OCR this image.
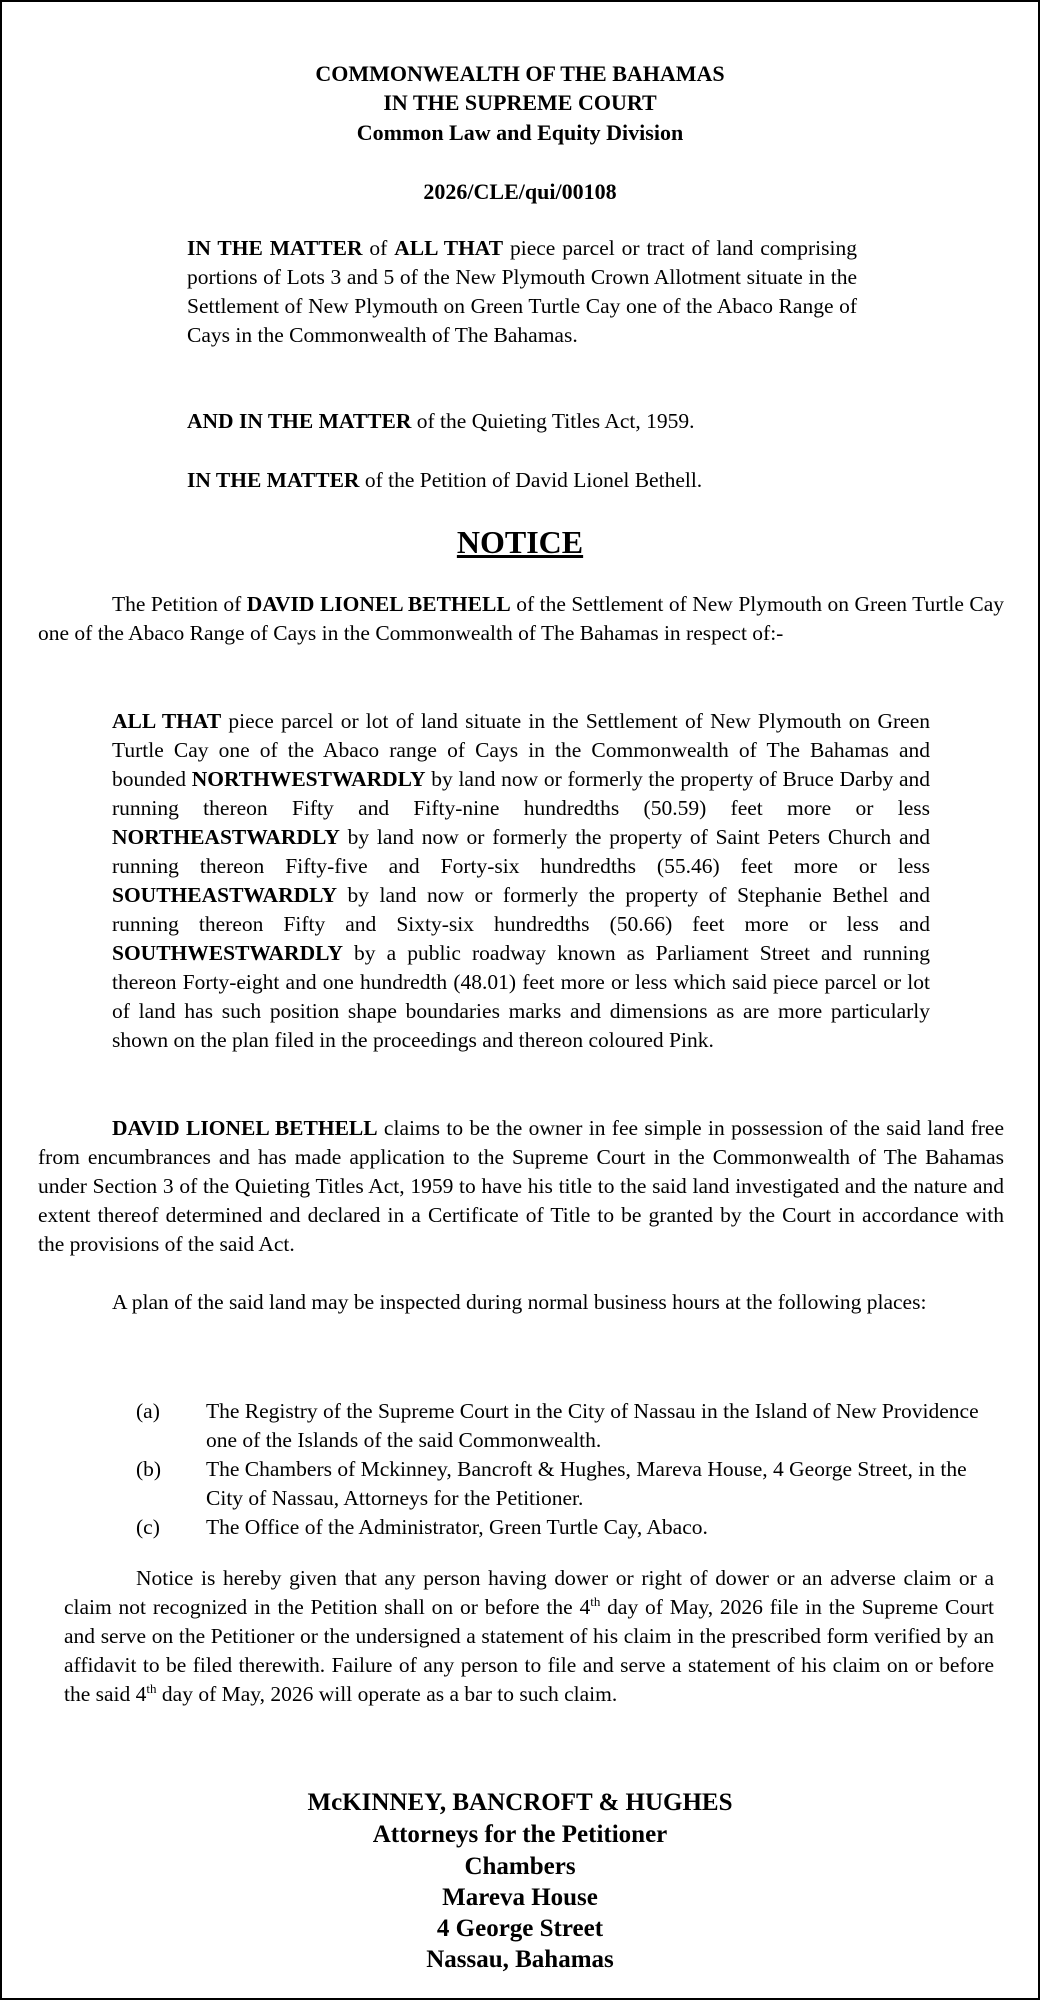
COMMONWEALTH OF THE BAHAMAS
IN THE SUPREME COURT
Common Law and Equity Division
2026/CLE/qui/00108
IN THE MATTER of ALL THAT piece parcel or tract of land comprising portions of Lots 3 and 5 of the New Plymouth Crown Allotment situate in the Settlement of New Plymouth on Green Turtle Cay one of the Abaco Range of Cays in the Commonwealth of The Bahamas.
AND IN THE MATTER of the Quieting Titles Act, 1959.
IN THE MATTER of the Petition of David Lionel Bethell.
NOTICE
The Petition of DAVID LIONEL BETHELL of the Settlement of New Plymouth on Green Turtle Cay one of the Abaco Range of Cays in the Commonwealth of The Bahamas in respect of:-
ALL THAT piece parcel or lot of land situate in the Settlement of New Plymouth on Green Turtle Cay one of the Abaco range of Cays in the Commonwealth of The Bahamas and bounded NORTHWESTWARDLY by land now or formerly the property of Bruce Darby and running thereon Fifty and Fifty-nine hundredths (50.59) feet more or less NORTHEASTWARDLY by land now or formerly the property of Saint Peters Church and running thereon Fifty-five and Forty-six hundredths (55.46) feet more or less SOUTHEASTWARDLY by land now or formerly the property of Stephanie Bethel and running thereon Fifty and Sixty-six hundredths (50.66) feet more or less and SOUTHWESTWARDLY by a public roadway known as Parliament Street and running thereon Forty-eight and one hundredth (48.01) feet more or less which said piece parcel or lot of land has such position shape boundaries marks and dimensions as are more particularly shown on the plan filed in the proceedings and thereon coloured Pink.
DAVID LIONEL BETHELL claims to be the owner in fee simple in possession of the said land free from encumbrances and has made application to the Supreme Court in the Commonwealth of The Bahamas under Section 3 of the Quieting Titles Act, 1959 to have his title to the said land investigated and the nature and extent thereof determined and declared in a Certificate of Title to be granted by the Court in accordance with the provisions of the said Act.
A plan of the said land may be inspected during normal business hours at the following places:
(a) The Registry of the Supreme Court in the City of Nassau in the Island of New Providence one of the Islands of the said Commonwealth.
(b) The Chambers of Mckinney, Bancroft & Hughes, Mareva House, 4 George Street, in the City of Nassau, Attorneys for the Petitioner.
(c) The Office of the Administrator, Green Turtle Cay, Abaco.
Notice is hereby given that any person having dower or right of dower or an adverse claim or a claim not recognized in the Petition shall on or before the 4th day of May, 2026 file in the Supreme Court and serve on the Petitioner or the undersigned a statement of his claim in the prescribed form verified by an affidavit to be filed therewith. Failure of any person to file and serve a statement of his claim on or before the said 4th day of May, 2026 will operate as a bar to such claim.
McKINNEY, BANCROFT & HUGHES
Attorneys for the Petitioner
Chambers
Mareva House
4 George Street
Nassau, Bahamas
